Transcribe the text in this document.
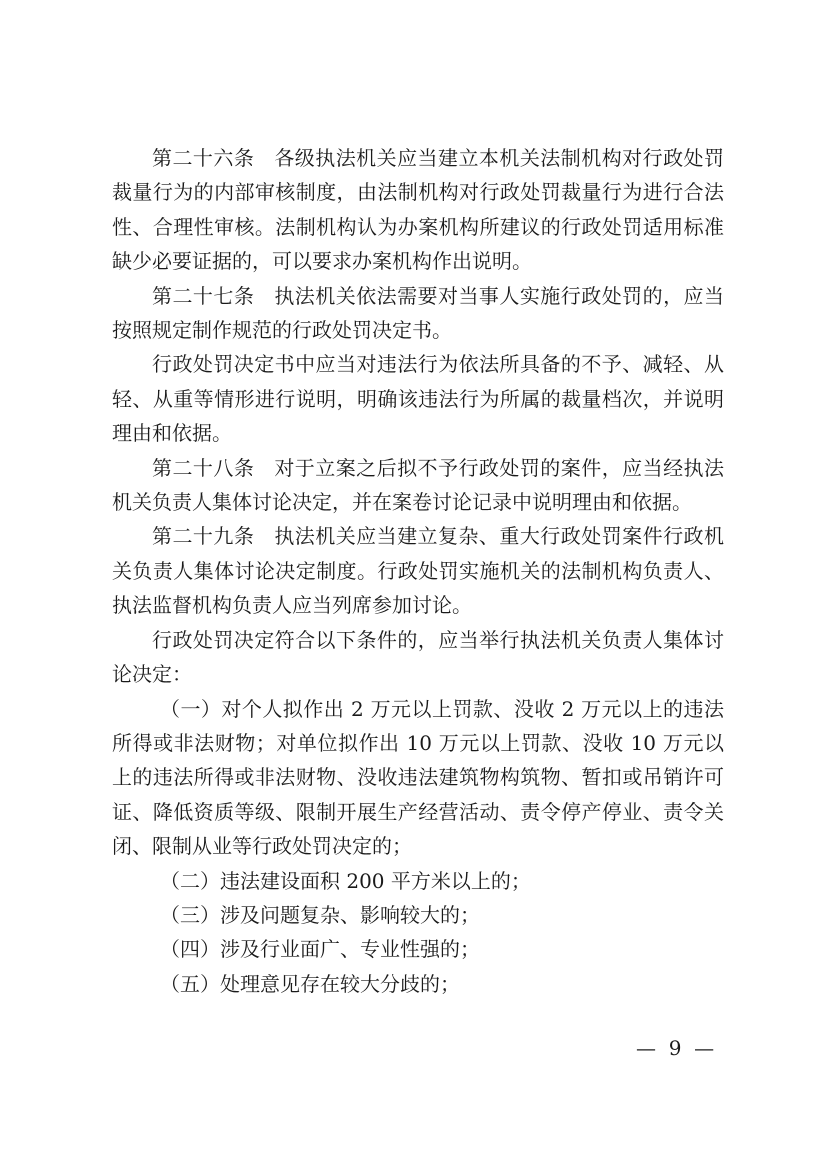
第二十六条 各级执法机关应当建立本机关法制机构对行政处罚裁量行为的内部审核制度，由法制机构对行政处罚裁量行为进行合法性、合理性审核。法制机构认为办案机构所建议的行政处罚适用标准缺少必要证据的，可以要求办案机构作出说明。

第二十七条 执法机关依法需要对当事人实施行政处罚的，应当按照规定制作规范的行政处罚决定书。

行政处罚决定书中应当对违法行为依法所具备的不予、减轻、从轻、从重等情形进行说明，明确该违法行为所属的裁量档次，并说明理由和依据。

第二十八条 对于立案之后拟不予行政处罚的案件，应当经执法机关负责人集体讨论决定，并在案卷讨论记录中说明理由和依据。

第二十九条 执法机关应当建立复杂、重大行政处罚案件行政机关负责人集体讨论决定制度。行政处罚实施机关的法制机构负责人、执法监督机构负责人应当列席参加讨论。

行政处罚决定符合以下条件的，应当举行执法机关负责人集体讨论决定：

（一）对个人拟作出 2 万元以上罚款、没收 2 万元以上的违法所得或非法财物；对单位拟作出 10 万元以上罚款、没收 10 万元以上的违法所得或非法财物、没收违法建筑物构筑物、暂扣或吊销许可证、降低资质等级、限制开展生产经营活动、责令停产停业、责令关闭、限制从业等行政处罚决定的；

（二）违法建设面积 200 平方米以上的；

（三）涉及问题复杂、影响较大的；

（四）涉及行业面广、专业性强的；

（五）处理意见存在较大分歧的；

—  9  —
